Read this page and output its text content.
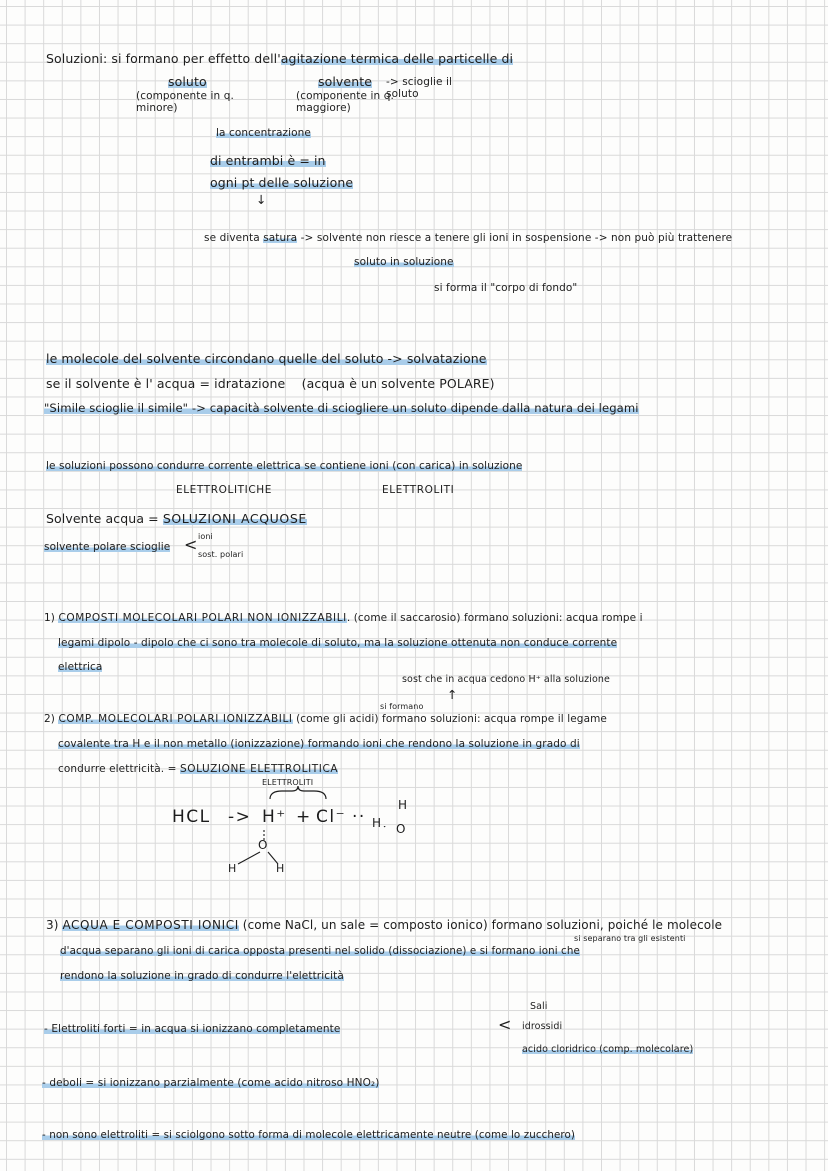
Soluzioni: si formano per effetto dell'agitazione termica delle particelle di
soluto
(componente in q. minore)
solvente
(componente in q. maggiore)
-> scioglie il soluto
la concentrazione
di entrambi è = in
ogni pt delle soluzione
↓
se diventa satura -> solvente non riesce a tenere gli ioni in sospensione -> non può più trattenere
soluto in soluzione
si forma il "corpo di fondo"
le molecole del solvente circondano quelle del soluto -> solvatazione
se il solvente è l' acqua = idratazione (acqua è un solvente POLARE)
"Simile scioglie il simile" -> capacità solvente di sciogliere un soluto dipende dalla natura dei legami
le soluzioni possono condurre corrente elettrica se contiene ioni (con carica) in soluzione
ELETTROLITICHE	ELETTROLITI
Solvente acqua = SOLUZIONI ACQUOSE
solvente polare scioglie < ioni
sost. polari
1) COMPOSTI MOLECOLARI POLARI NON IONIZZABILI. (come il saccarosio) formano soluzioni: acqua rompe i
legami dipolo - dipolo che ci sono tra molecole di soluto, ma la soluzione ottenuta non conduce corrente
elettrica
sost che in acqua cedono H⁺ alla soluzione
↑
si formano
2) COMP. MOLECOLARI POLARI IONIZZABILI (come gli acidi) formano soluzioni: acqua rompe il legame
covalente tra H e il non metallo (ionizzazione) formando ioni che rendono la soluzione in grado di
condurre elettricità. = SOLUZIONE ELETTROLITICA
ELETTROLITI
HCL -> H⁺ + Cl⁻ ·· H O
H
O
H	H
3) ACQUA E COMPOSTI IONICI (come NaCl, un sale = composto ionico) formano soluzioni, poiché le molecole
si separano tra gli esistenti
d'acqua separano gli ioni di carica opposta presenti nel solido (dissociazione) e si formano ioni che
rendono la soluzione in grado di condurre l'elettricità
- Elettroliti forti = in acqua si ionizzano completamente	<
Sali
idrossidi
acido cloridrico (comp. molecolare)
- deboli = si ionizzano parzialmente (come acido nitroso HNO₂)
- non sono elettroliti = si sciolgono sotto forma di molecole elettricamente neutre (come lo zucchero)
